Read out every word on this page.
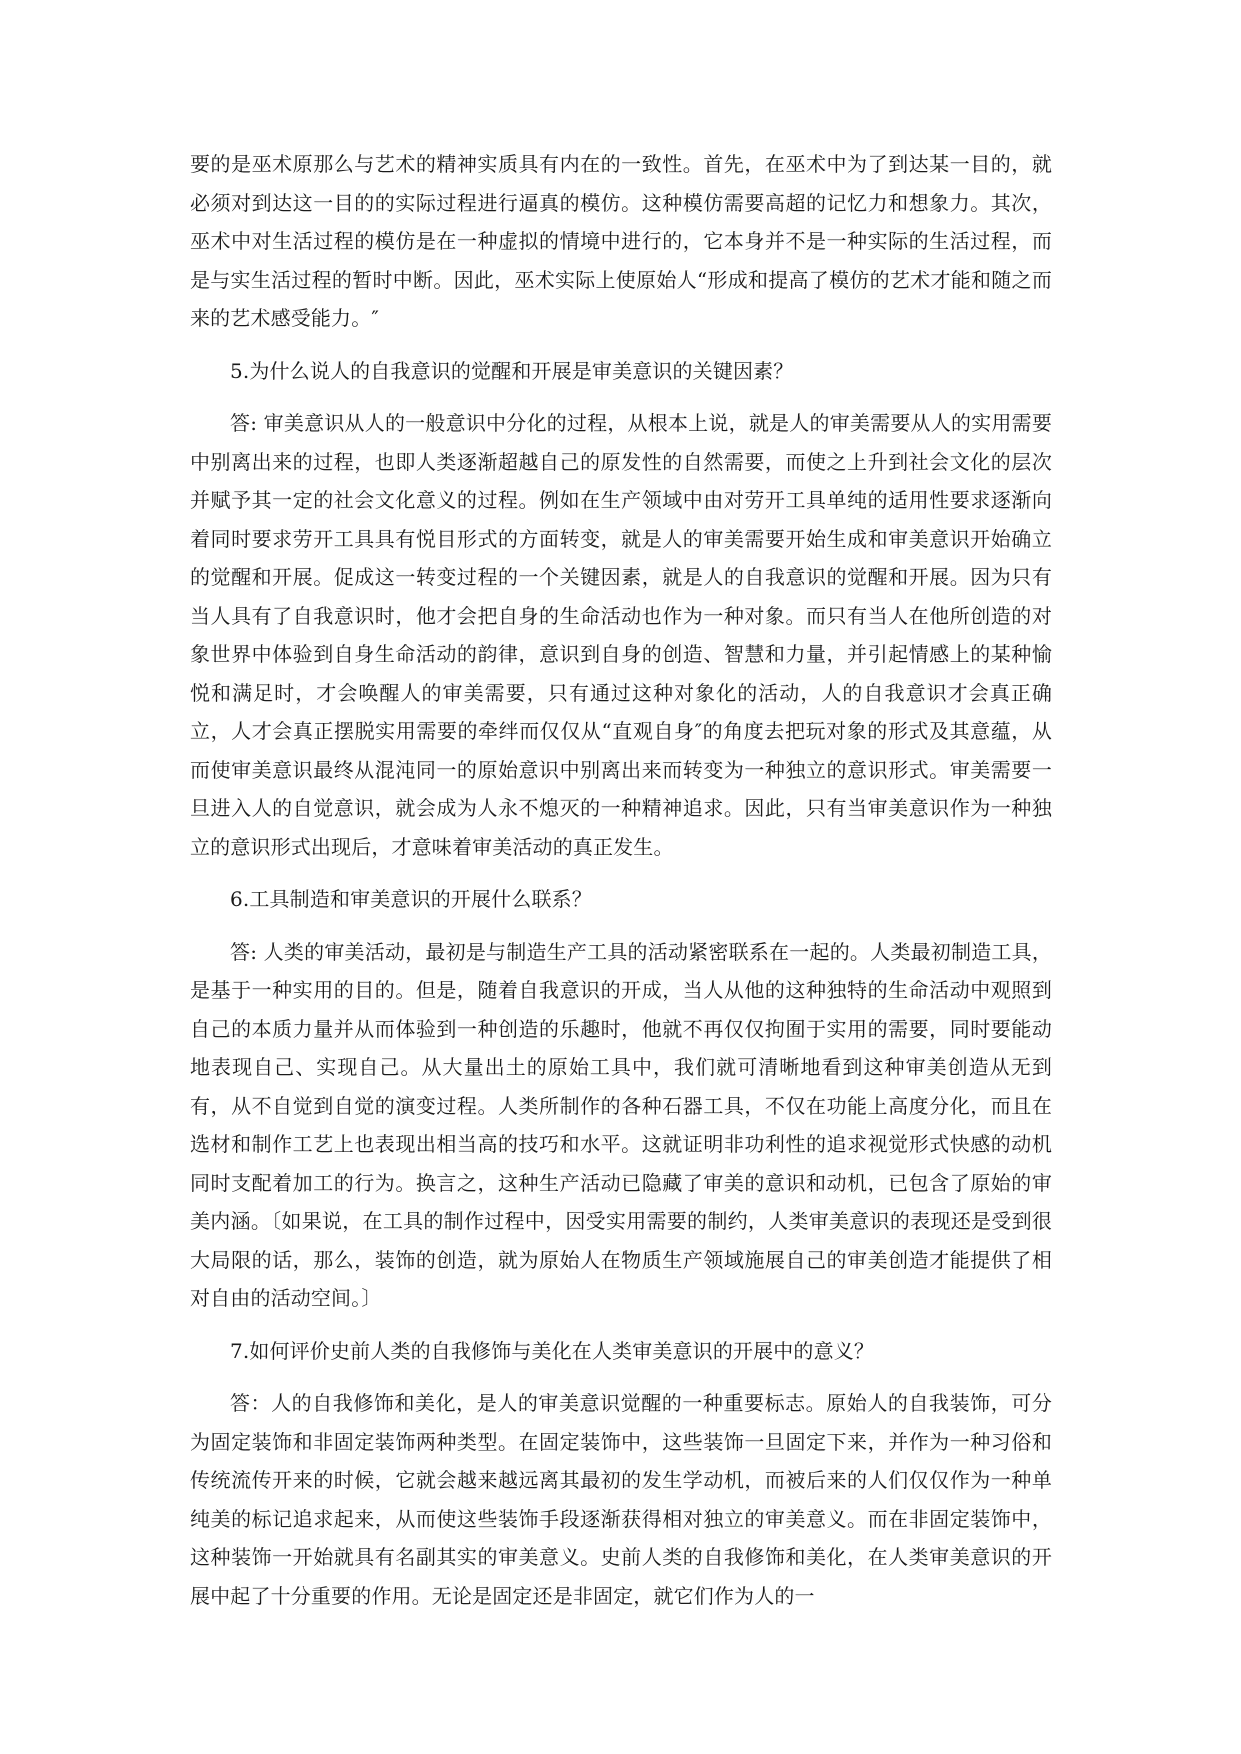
要的是巫术原那么与艺术的精神实质具有内在的一致性。首先，在巫术中为了到达某一目的，就必须对到达这一目的的实际过程进行逼真的模仿。这种模仿需要高超的记忆力和想象力。其次，巫术中对生活过程的模仿是在一种虚拟的情境中进行的，它本身并不是一种实际的生活过程，而是与实生活过程的暂时中断。因此，巫术实际上使原始人“形成和提高了模仿的艺术才能和随之而来的艺术感受能力。″

5.为什么说人的自我意识的觉醒和开展是审美意识的关键因素？

答: 审美意识从人的一般意识中分化的过程，从根本上说，就是人的审美需要从人的实用需要中别离出来的过程，也即人类逐渐超越自己的原发性的自然需要，而使之上升到社会文化的层次并赋予其一定的社会文化意义的过程。例如在生产领域中由对劳开工具单纯的适用性要求逐渐向着同时要求劳开工具具有悦目形式的方面转变，就是人的审美需要开始生成和审美意识开始确立的觉醒和开展。促成这一转变过程的一个关键因素，就是人的自我意识的觉醒和开展。因为只有当人具有了自我意识时，他才会把自身的生命活动也作为一种对象。而只有当人在他所创造的对象世界中体验到自身生命活动的韵律，意识到自身的创造、智慧和力量，并引起情感上的某种愉悦和满足时，才会唤醒人的审美需要，只有通过这种对象化的活动，人的自我意识才会真正确立，人才会真正摆脱实用需要的牵绊而仅仅从“直观自身″的角度去把玩对象的形式及其意蕴，从而使审美意识最终从混沌同一的原始意识中别离出来而转变为一种独立的意识形式。审美需要一旦进入人的自觉意识，就会成为人永不熄灭的一种精神追求。因此，只有当审美意识作为一种独立的意识形式出现后，才意味着审美活动的真正发生。

6.工具制造和审美意识的开展什么联系？

答: 人类的审美活动，最初是与制造生产工具的活动紧密联系在一起的。人类最初制造工具，是基于一种实用的目的。但是，随着自我意识的开成，当人从他的这种独特的生命活动中观照到自己的本质力量并从而体验到一种创造的乐趣时，他就不再仅仅拘囿于实用的需要，同时要能动地表现自己、实现自己。从大量出土的原始工具中，我们就可清晰地看到这种审美创造从无到有，从不自觉到自觉的演变过程。人类所制作的各种石器工具，不仅在功能上高度分化，而且在选材和制作工艺上也表现出相当高的技巧和水平。这就证明非功利性的追求视觉形式快感的动机同时支配着加工的行为。换言之，这种生产活动已隐藏了审美的意识和动机，已包含了原始的审美内涵。〔如果说，在工具的制作过程中，因受实用需要的制约，人类审美意识的表现还是受到很大局限的话，那么，装饰的创造，就为原始人在物质生产领域施展自己的审美创造才能提供了相对自由的活动空间。〕

7.如何评价史前人类的自我修饰与美化在人类审美意识的开展中的意义？

答：人的自我修饰和美化，是人的审美意识觉醒的一种重要标志。原始人的自我装饰，可分为固定装饰和非固定装饰两种类型。在固定装饰中，这些装饰一旦固定下来，并作为一种习俗和传统流传开来的时候，它就会越来越远离其最初的发生学动机，而被后来的人们仅仅作为一种单纯美的标记追求起来，从而使这些装饰手段逐渐获得相对独立的审美意义。而在非固定装饰中，这种装饰一开始就具有名副其实的审美意义。史前人类的自我修饰和美化，在人类审美意识的开展中起了十分重要的作用。无论是固定还是非固定，就它们作为人的一
